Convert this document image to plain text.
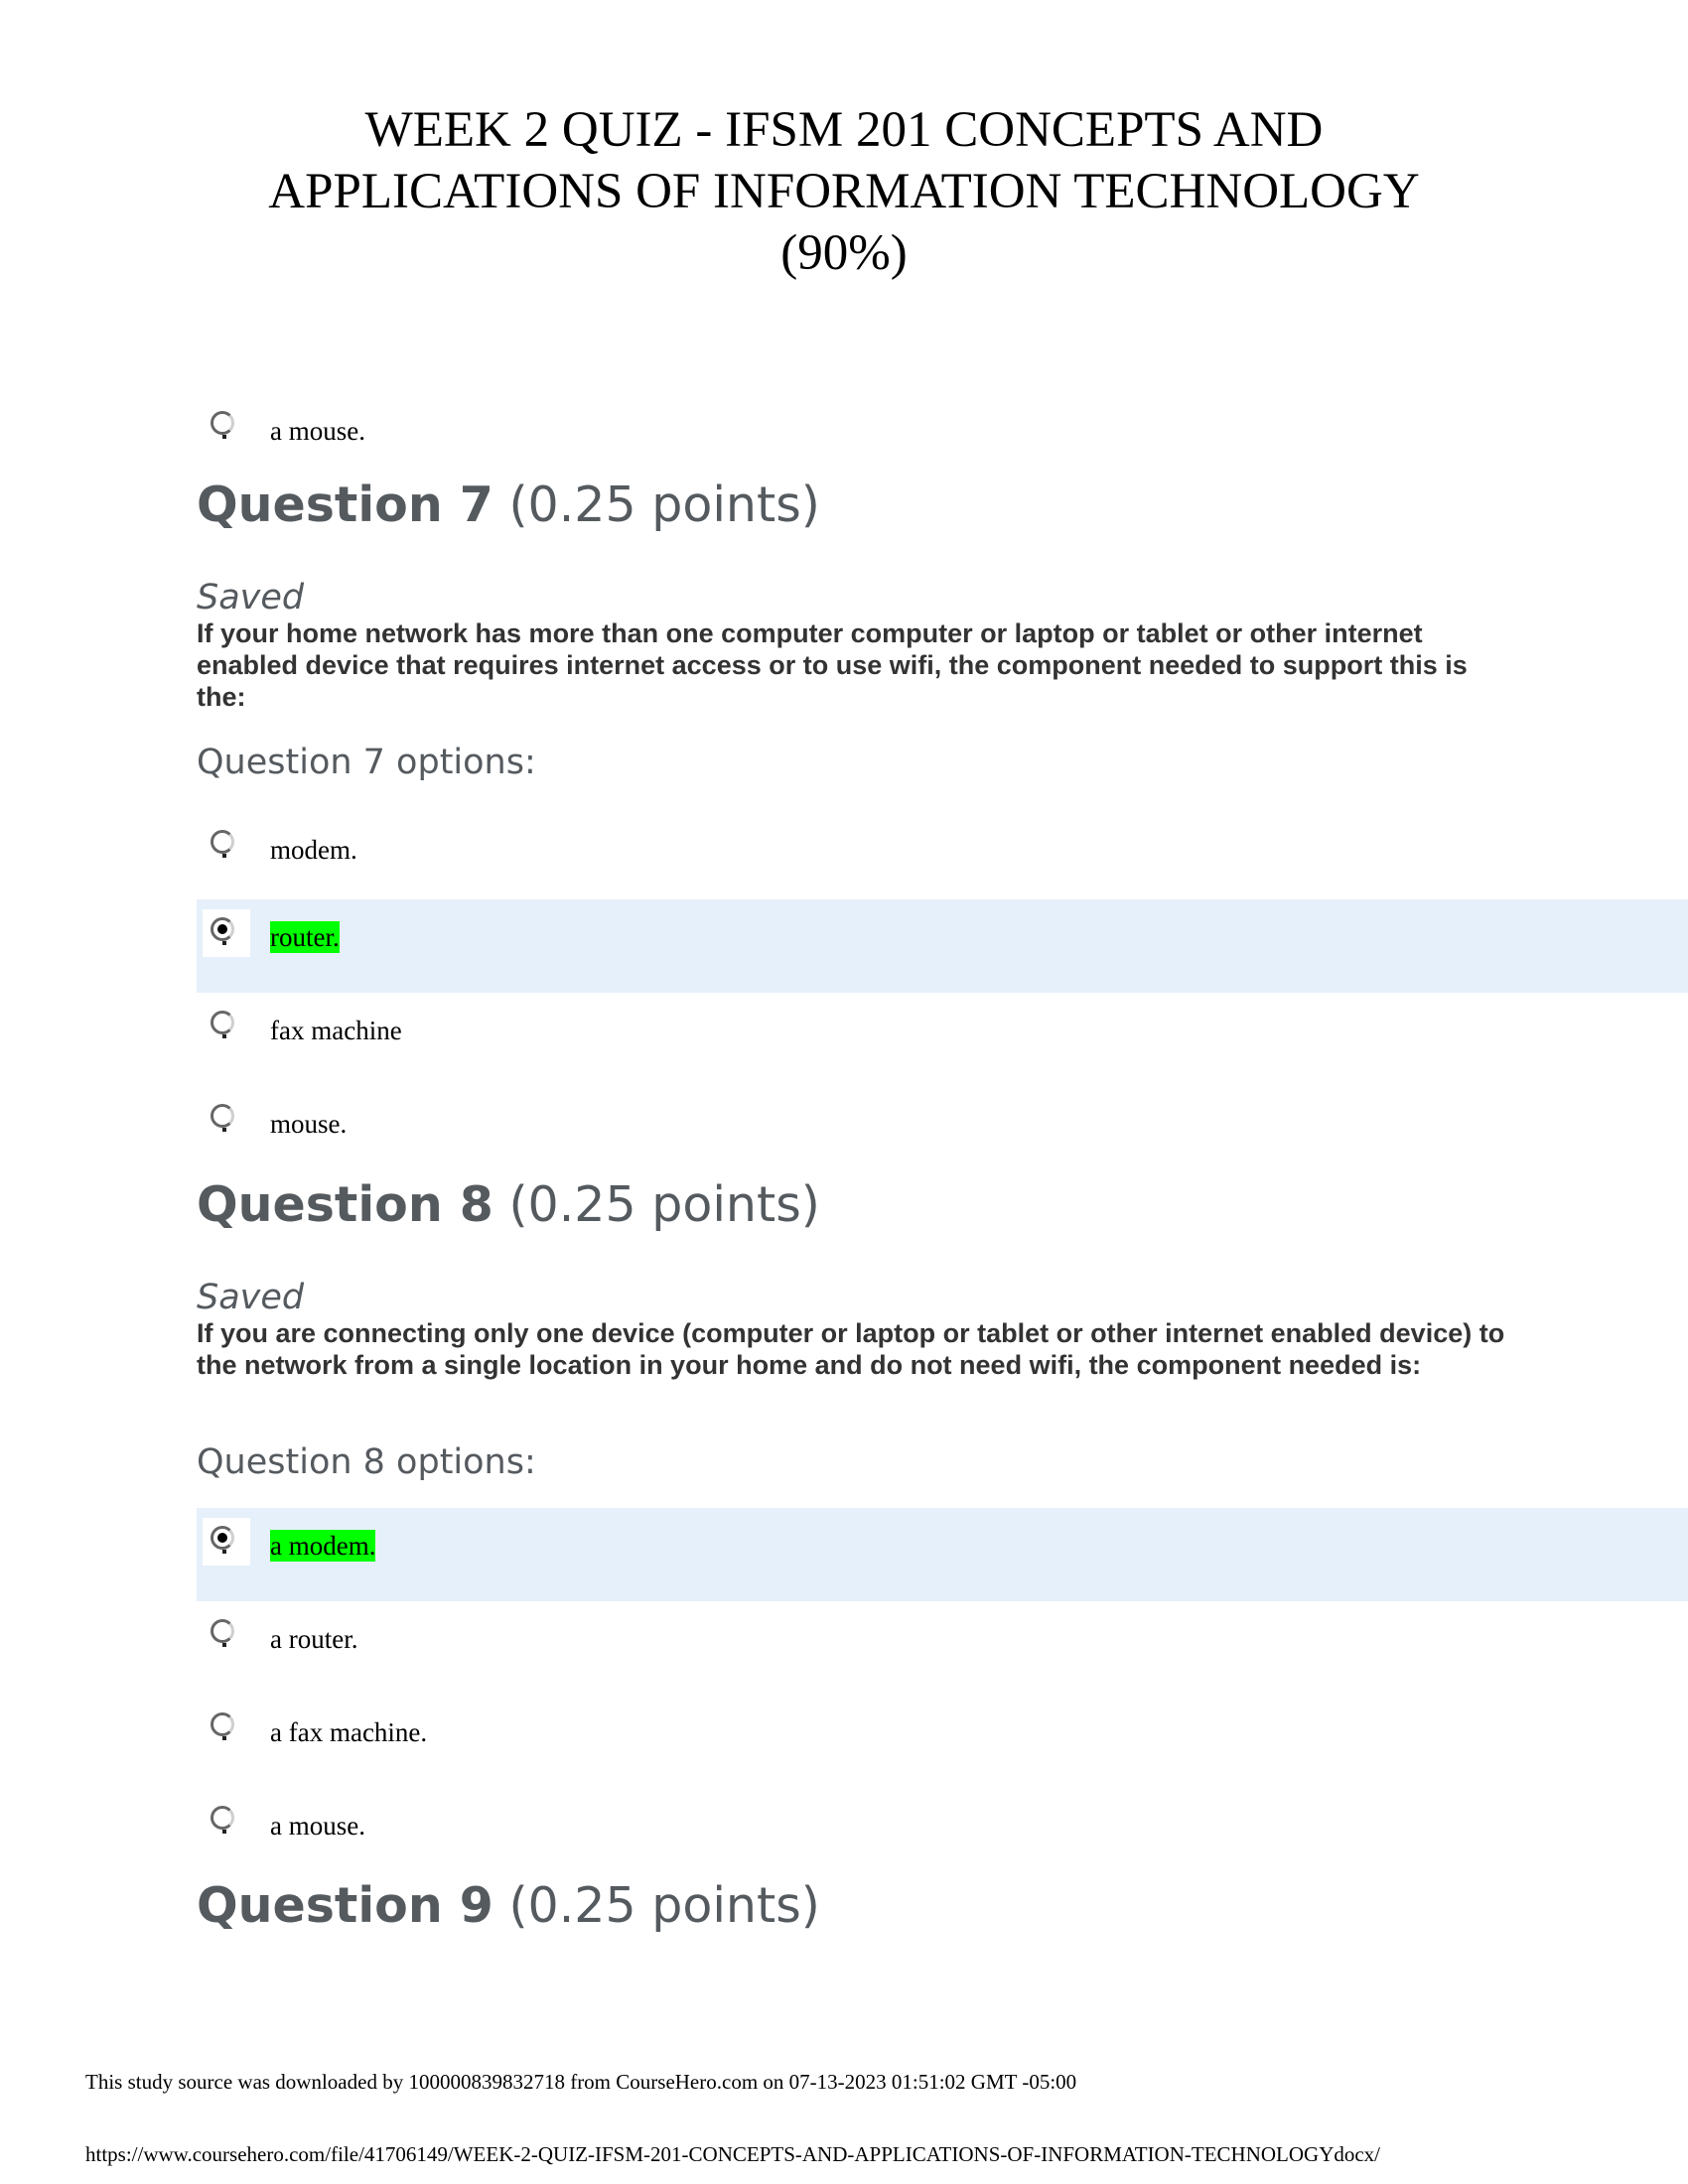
WEEK 2 QUIZ - IFSM 201 CONCEPTS AND
APPLICATIONS OF INFORMATION TECHNOLOGY
(90%)
a mouse.
Question 7 (0.25 points)
Saved
If your home network has more than one computer computer or laptop or tablet or other internet enabled device that requires internet access or to use wifi, the component needed to support this is the:
Question 7 options:
modem.
router.
fax machine
mouse.
Question 8 (0.25 points)
Saved
If you are connecting only one device (computer or laptop or tablet or other internet enabled device) to the network from a single location in your home and do not need wifi, the component needed is:
Question 8 options:
a modem.
a router.
a fax machine.
a mouse.
Question 9 (0.25 points)
This study source was downloaded by 100000839832718 from CourseHero.com on 07-13-2023 01:51:02 GMT -05:00
https://www.coursehero.com/file/41706149/WEEK-2-QUIZ-IFSM-201-CONCEPTS-AND-APPLICATIONS-OF-INFORMATION-TECHNOLOGYdocx/
